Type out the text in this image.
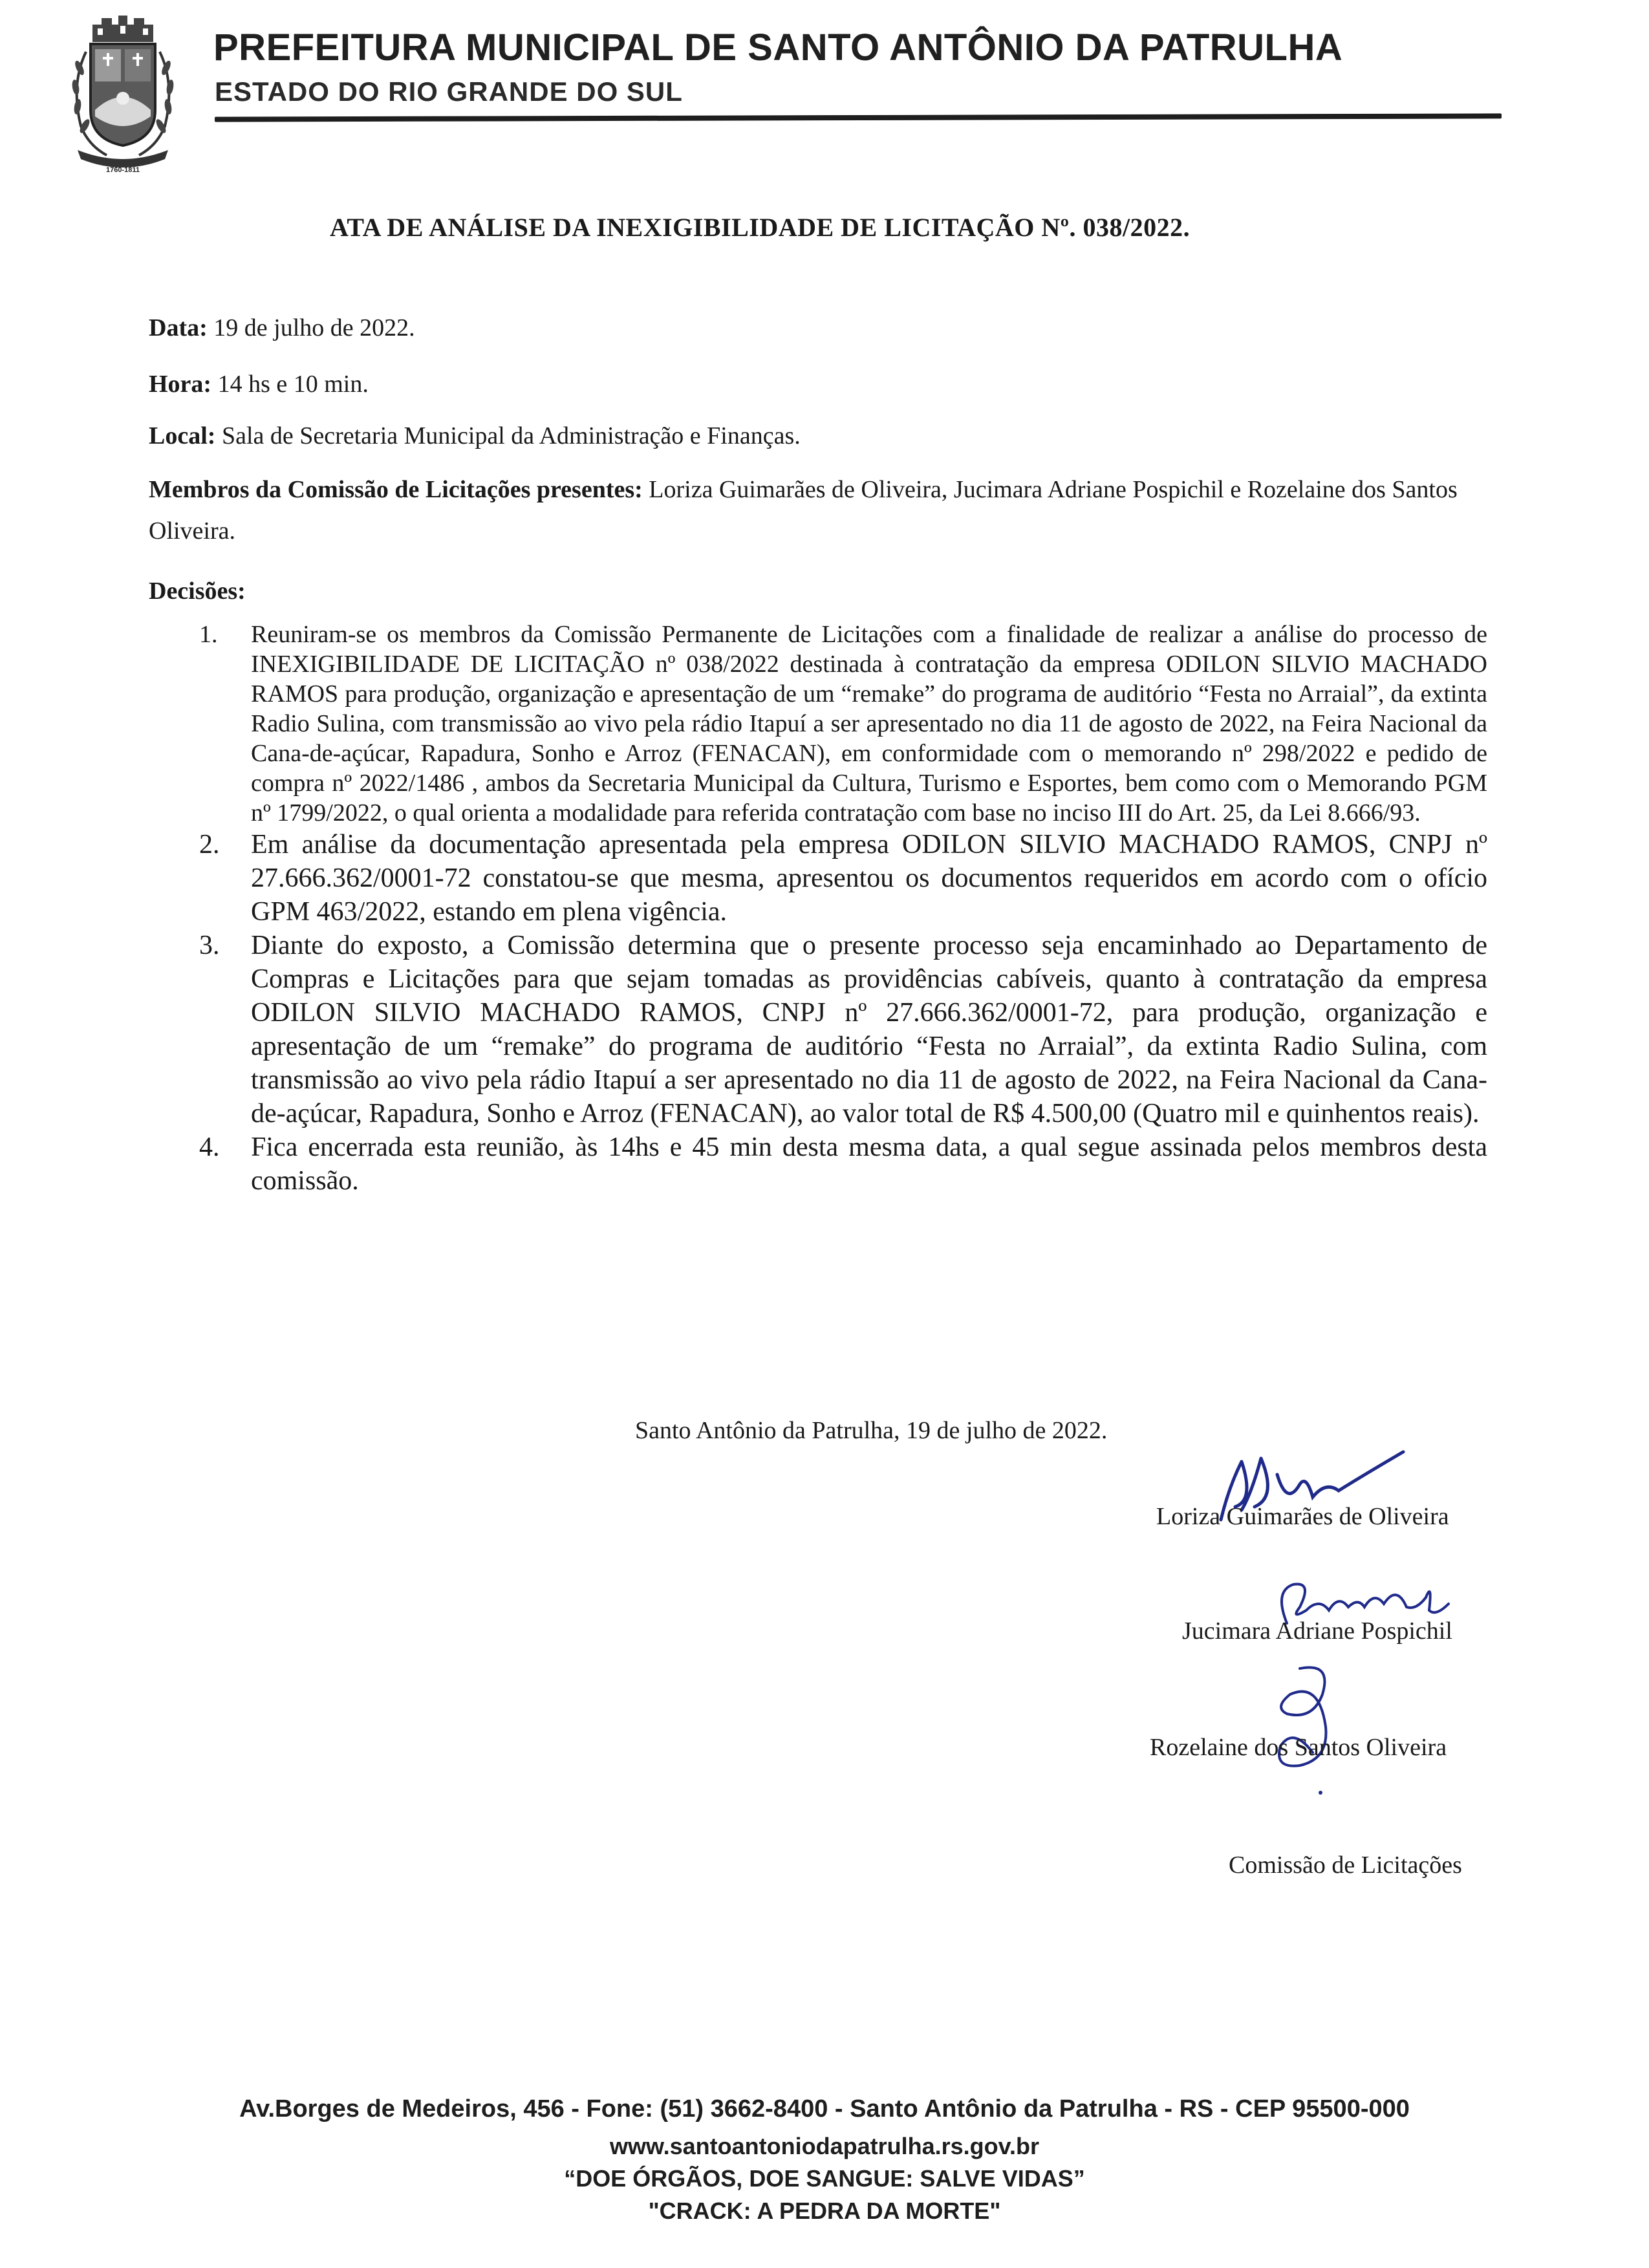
1760-1811
PREFEITURA MUNICIPAL DE SANTO ANTÔNIO DA PATRULHA
ESTADO DO RIO GRANDE DO SUL
ATA DE ANÁLISE DA INEXIGIBILIDADE DE LICITAÇÃO Nº. 038/2022.
Data: 19 de julho de 2022.
Hora: 14 hs e 10 min.
Local: Sala de Secretaria Municipal da Administração e Finanças.
Membros da Comissão de Licitações presentes: Loriza Guimarães de Oliveira, Jucimara Adriane Pospichil e Rozelaine dos Santos Oliveira.
Decisões:
1. Reuniram-se os membros da Comissão Permanente de Licitações com a finalidade de realizar a análise do processo de INEXIGIBILIDADE DE LICITAÇÃO nº 038/2022 destinada à contratação da empresa ODILON SILVIO MACHADO RAMOS para produção, organização e apresentação de um “remake” do programa de auditório “Festa no Arraial”, da extinta Radio Sulina, com transmissão ao vivo pela rádio Itapuí a ser apresentado no dia 11 de agosto de 2022, na Feira Nacional da Cana-de-açúcar, Rapadura, Sonho e Arroz (FENACAN), em conformidade com o memorando nº 298/2022 e pedido de compra nº 2022/1486 , ambos da Secretaria Municipal da Cultura, Turismo e Esportes, bem como com o Memorando PGM nº 1799/2022, o qual orienta a modalidade para referida contratação com base no inciso III do Art. 25, da Lei 8.666/93.
2. Em análise da documentação apresentada pela empresa ODILON SILVIO MACHADO RAMOS, CNPJ nº 27.666.362/0001-72 constatou-se que mesma, apresentou os documentos requeridos em acordo com o ofício GPM 463/2022, estando em plena vigência.
3. Diante do exposto, a Comissão determina que o presente processo seja encaminhado ao Departamento de Compras e Licitações para que sejam tomadas as providências cabíveis, quanto à contratação da empresa ODILON SILVIO MACHADO RAMOS, CNPJ nº 27.666.362/0001-72, para produção, organização e apresentação de um “remake” do programa de auditório “Festa no Arraial”, da extinta Radio Sulina, com transmissão ao vivo pela rádio Itapuí a ser apresentado no dia 11 de agosto de 2022, na Feira Nacional da Cana-de-açúcar, Rapadura, Sonho e Arroz (FENACAN), ao valor total de R$ 4.500,00 (Quatro mil e quinhentos reais).
4. Fica encerrada esta reunião, às 14hs e 45 min desta mesma data, a qual segue assinada pelos membros desta comissão.
Santo Antônio da Patrulha, 19 de julho de 2022.
Loriza Guimarães de Oliveira
Jucimara Adriane Pospichil
Rozelaine dos Santos Oliveira
Comissão de Licitações
Av.Borges de Medeiros, 456 - Fone: (51) 3662-8400 - Santo Antônio da Patrulha - RS - CEP 95500-000
www.santoantoniodapatrulha.rs.gov.br
“DOE ÓRGÃOS, DOE SANGUE: SALVE VIDAS”
"CRACK: A PEDRA DA MORTE"
